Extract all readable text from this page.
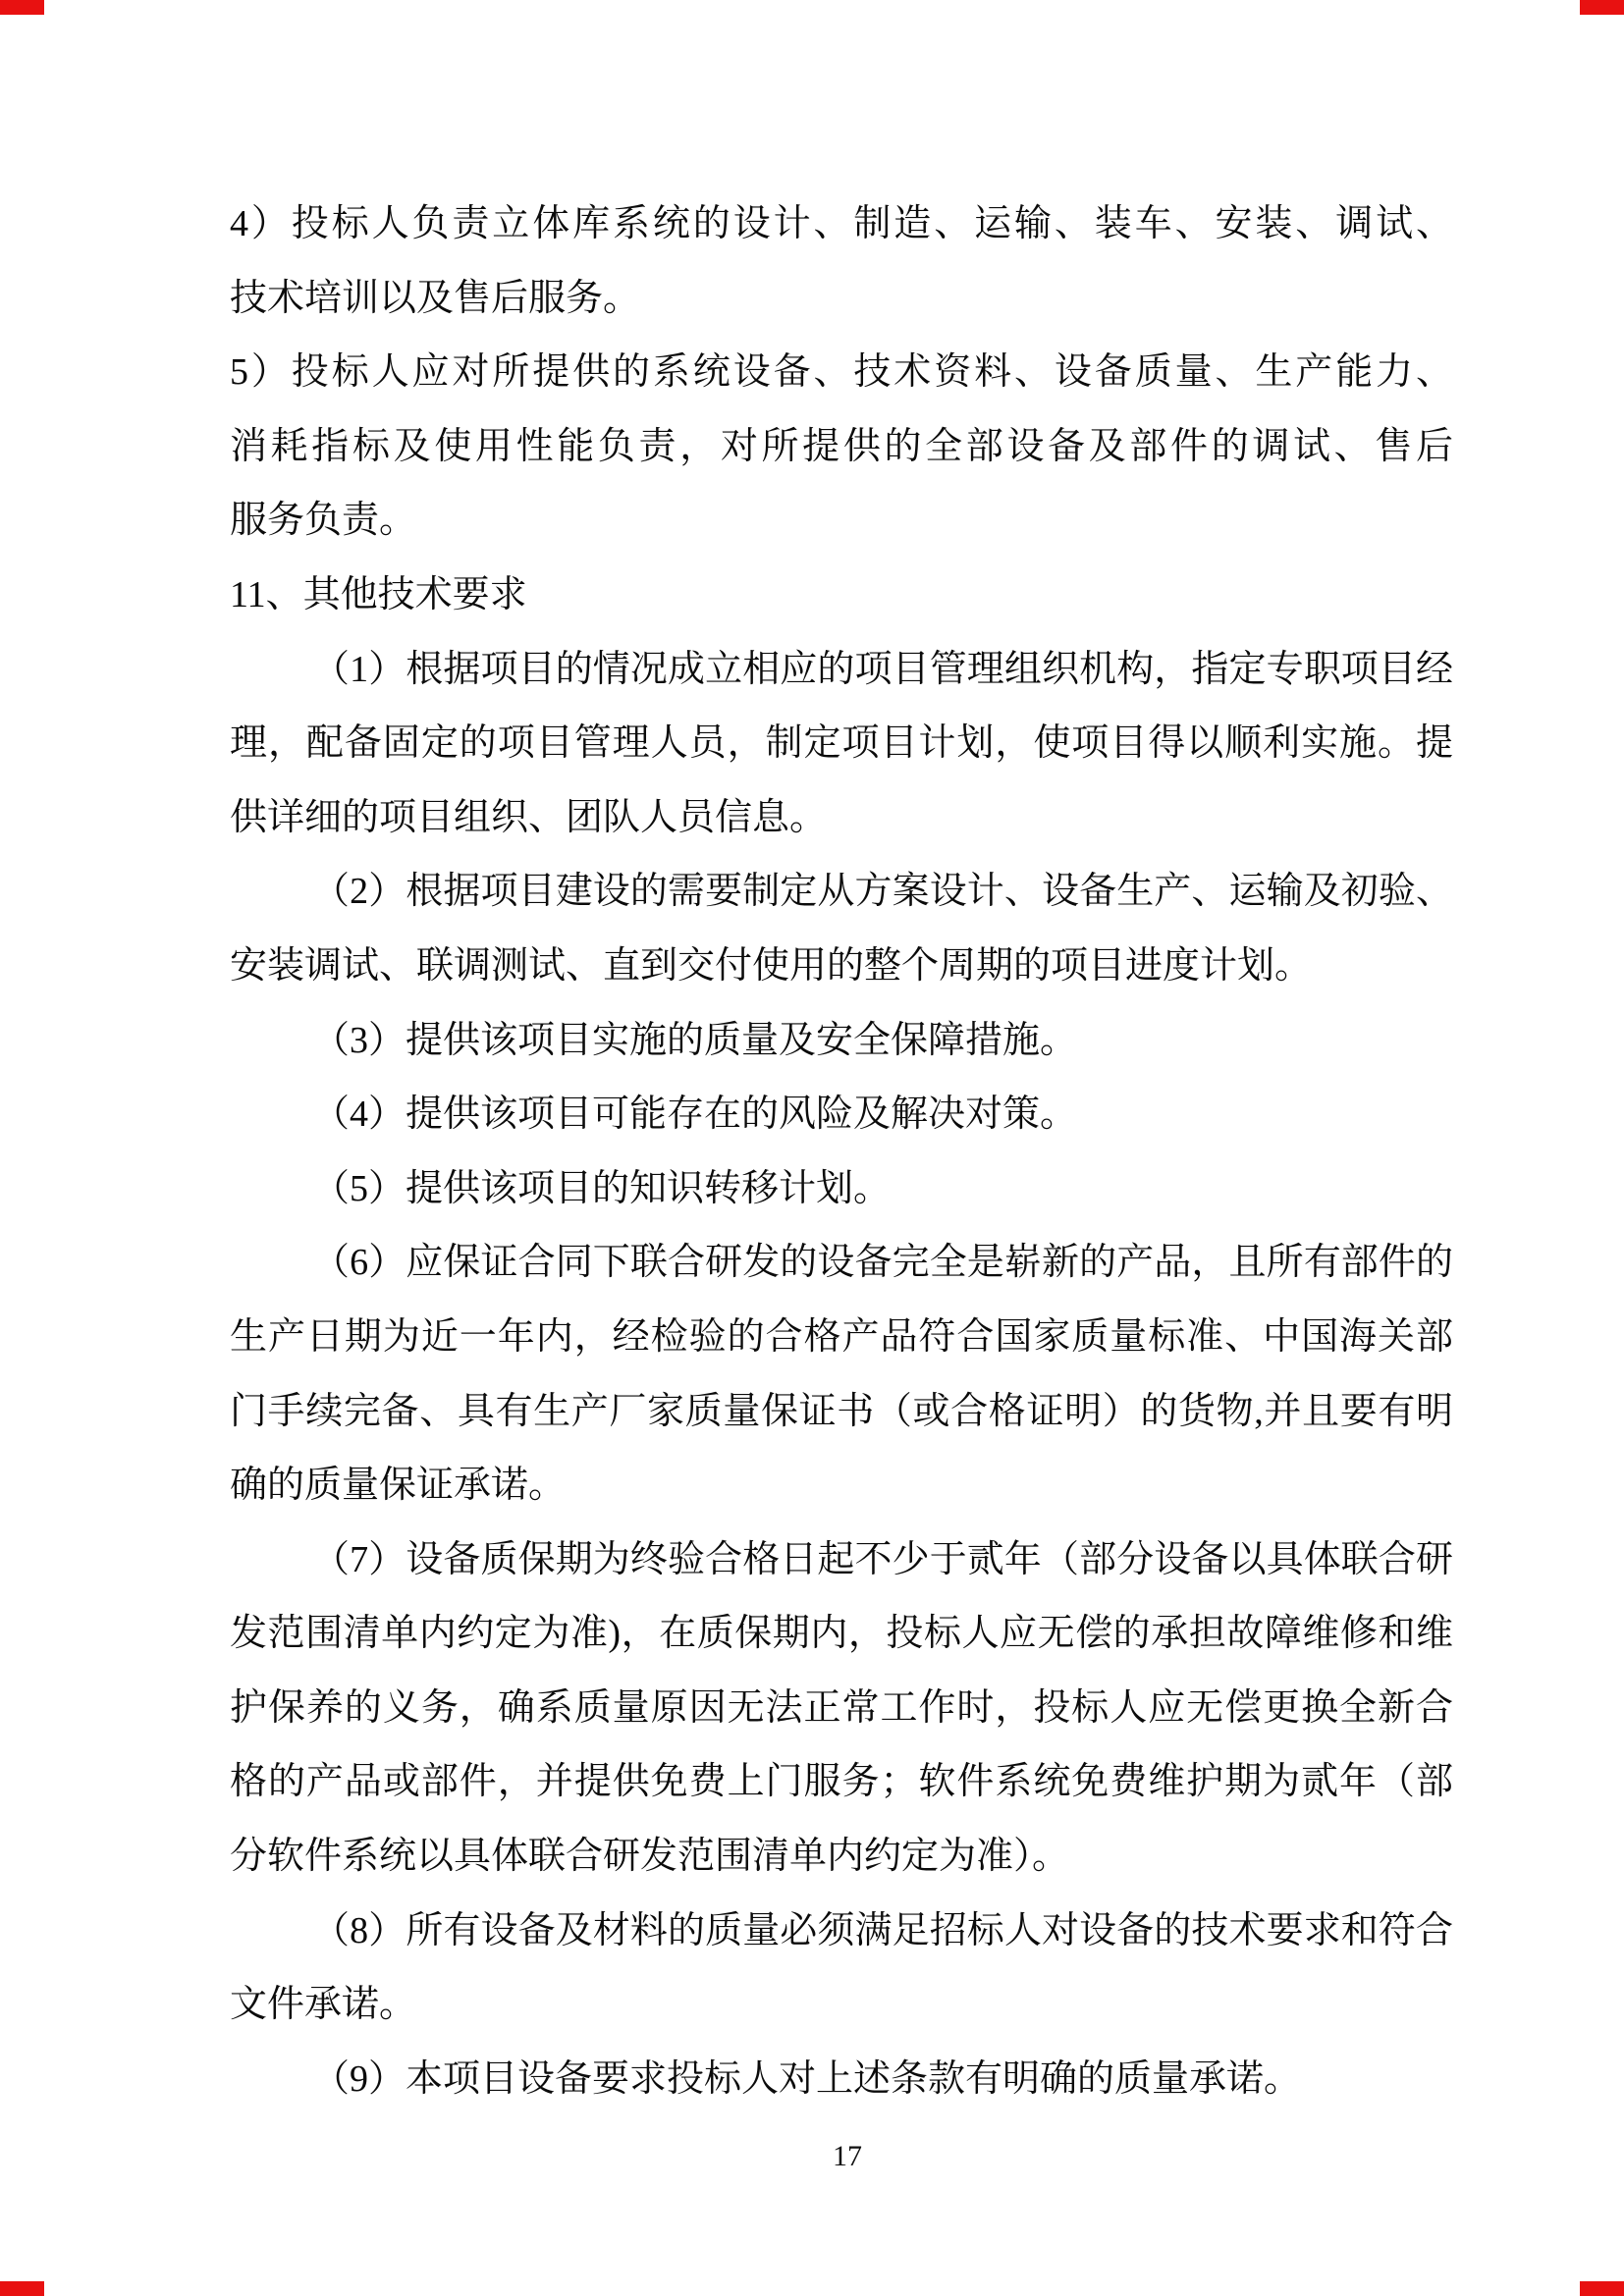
4）投标人负责立体库系统的设计、制造、运输、装车、安装、调试、
技术培训以及售后服务。
5）投标人应对所提供的系统设备、技术资料、设备质量、生产能力、
消耗指标及使用性能负责，对所提供的全部设备及部件的调试、售后
服务负责。
11、其他技术要求
（1）根据项目的情况成立相应的项目管理组织机构，指定专职项目经
理，配备固定的项目管理人员，制定项目计划，使项目得以顺利实施。提
供详细的项目组织、团队人员信息。
（2）根据项目建设的需要制定从方案设计、设备生产、运输及初验、
安装调试、联调测试、直到交付使用的整个周期的项目进度计划。
（3）提供该项目实施的质量及安全保障措施。
（4）提供该项目可能存在的风险及解决对策。
（5）提供该项目的知识转移计划。
（6）应保证合同下联合研发的设备完全是崭新的产品，且所有部件的
生产日期为近一年内，经检验的合格产品符合国家质量标准、中国海关部
门手续完备、具有生产厂家质量保证书（或合格证明）的货物,并且要有明
确的质量保证承诺。
（7）设备质保期为终验合格日起不少于贰年（部分设备以具体联合研
发范围清单内约定为准)，在质保期内，投标人应无偿的承担故障维修和维
护保养的义务，确系质量原因无法正常工作时，投标人应无偿更换全新合
格的产品或部件，并提供免费上门服务；软件系统免费维护期为贰年（部
分软件系统以具体联合研发范围清单内约定为准）。
（8）所有设备及材料的质量必须满足招标人对设备的技术要求和符合
文件承诺。
（9）本项目设备要求投标人对上述条款有明确的质量承诺。
17
